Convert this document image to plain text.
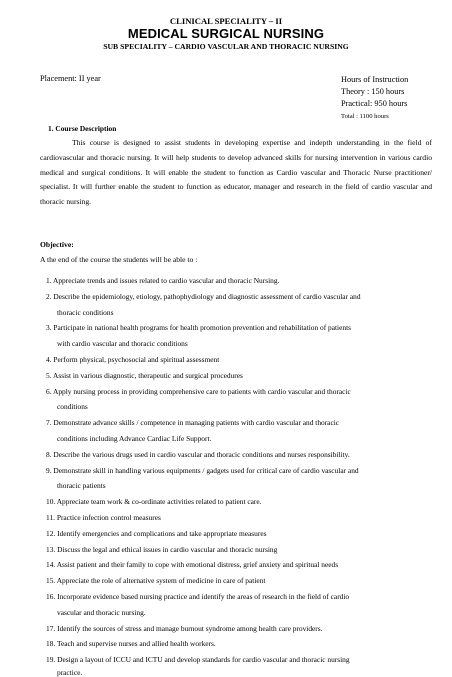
CLINICAL SPECIALITY – II
MEDICAL SURGICAL NURSING
SUB SPECIALITY – CARDIO VASCULAR AND THORACIC NURSING
Placement: II year	Hours of Instruction
Theory : 150 hours
Practical: 950 hours
Total : 1100 hours
1. Course Description
This course is designed to assist students in developing expertise and indepth understanding in the field of cardiovascular and thoracic nursing. It will help students to develop advanced skills for nursing intervention in various cardio medical and surgical conditions. It will enable the student to function as Cardio vascular and Thoracic Nurse practitioner/ specialist. It will further enable the student to function as educator, manager and research in the field of cardio vascular and thoracic nursing.
Objective:
A the end of the course the students will be able to :
1. Appreciate trends and issues related to cardio vascular and thoracic Nursing.
2. Describe the epidemiology, etiology, pathophydiology and diagnostic assessment of cardio vascular and
thoracic conditions
3. Participate in national health programs for health promotion prevention and rehabilitation of patients
with cardio vascular and thoracic conditions
4. Perform physical, psychosocial and spiritual assessment
5. Assist in various diagnostic, therapeutic and surgical procedures
6. Apply nursing process in providing comprehensive care to patients with cardio vascular and thoracic
conditions
7. Demonstrate advance skills / competence in managing patients with cardio vascular and thoracic
conditions including Advance Cardiac Life Support.
8. Describe the various drugs used in cardio vascular and thoracic conditions and nurses responsibility.
9. Demonstrate skill in handling various equipments / gadgets used for critical care of cardio vascular and
thoracic patients
10. Appreciate team work & co-ordinate activities related to patient care.
11. Practice infection control measures
12. Identify emergencies and complications and take appropriate measures
13. Discuss the legal and ethical issues in cardio vascular and thoracic nursing
14. Assist patient and their family to cope with emotional distress, grief anxiety and spiritual needs
15. Appreciate the role of alternative system of medicine in care of patient
16. Incorporate evidence based nursing practice and identify the areas of research in the field of cardio
vascular and thoracic nursing.
17. Identify the sources of stress and manage burnout syndrome among health care providers.
18. Teach and supervise nurses and allied health workers.
19. Design a layout of ICCU and ICTU and develop standards for cardio vascular and thoracic nursing
practice.
